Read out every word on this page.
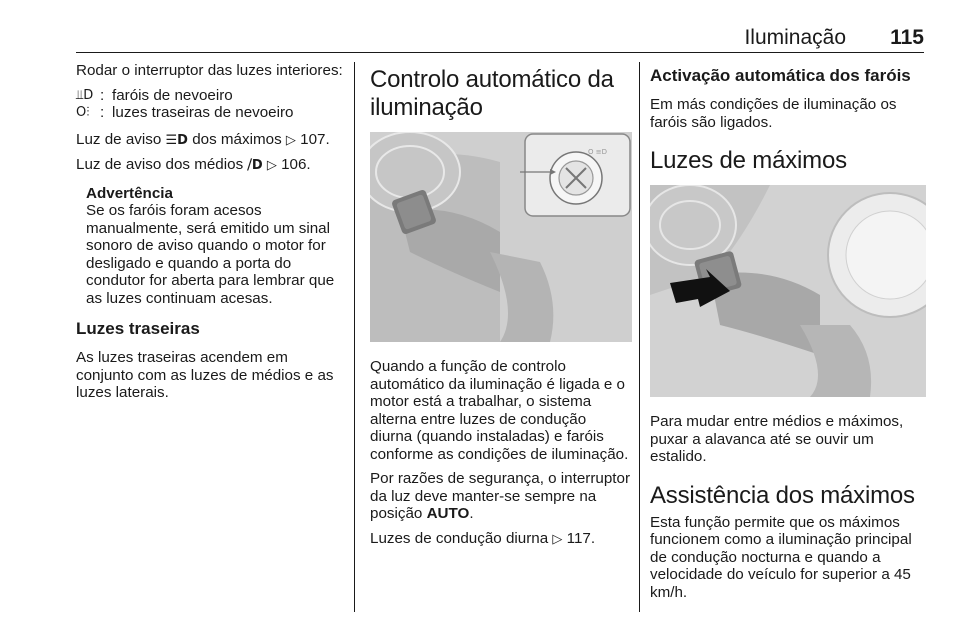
Iluminação 115

Rodar o interruptor das luzes interiores:

⫫D : faróis de nevoeiro
O⫶ : luzes traseiras de nevoeiro

Luz de aviso ☰D dos máximos ▷ 107.

Luz de aviso dos médios ⧸D ▷ 106.

Advertência
Se os faróis foram acesos manualmente, será emitido um sinal sonoro de aviso quando o motor for desligado e quando a porta do condutor for aberta para lembrar que as luzes continuam acesas.
Luzes traseiras

As luzes traseiras acendem em conjunto com as luzes de médios e as luzes laterais.

Controlo automático da iluminação
O ≡D

Quando a função de controlo automático da iluminação é ligada e o motor está a trabalhar, o sistema alterna entre luzes de condução diurna (quando instaladas) e faróis conforme as condições de iluminação.

Por razões de segurança, o interruptor da luz deve manter-se sempre na posição AUTO.

Luzes de condução diurna ▷ 117.

Activação automática dos faróis

Em más condições de iluminação os faróis são ligados.

Luzes de máximos

Para mudar entre médios e máximos, puxar a alavanca até se ouvir um estalido.

Assistência dos máximos

Esta função permite que os máximos funcionem como a iluminação principal de condução nocturna e quando a velocidade do veículo for superior a 45 km/h.
